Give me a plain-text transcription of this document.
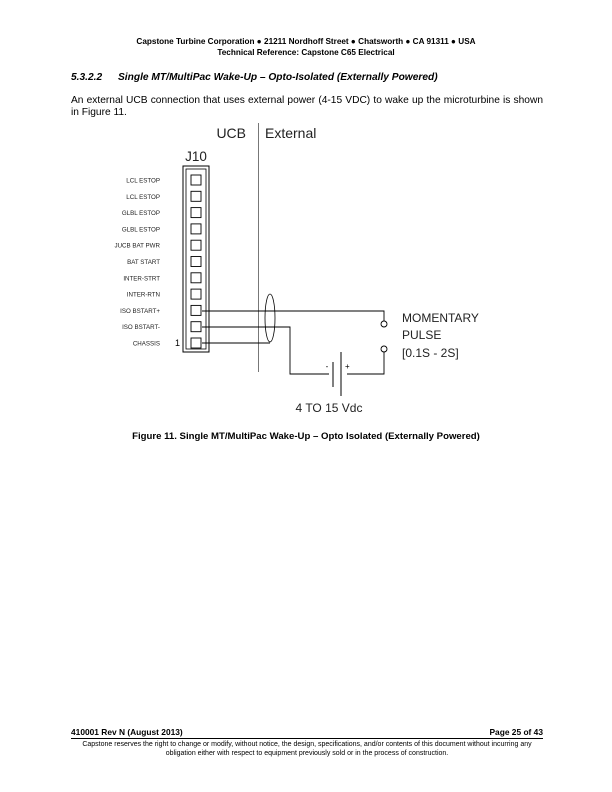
Capstone Turbine Corporation ● 21211 Nordhoff Street ● Chatsworth ● CA 91311 ● USA
Technical Reference: Capstone C65 Electrical
5.3.2.2 Single MT/MultiPac Wake-Up – Opto-Isolated (Externally Powered)
An external UCB connection that uses external power (4-15 VDC) to wake up the microturbine is shown in Figure 11.
UCB External
J10
LCL ESTOP
LCL ESTOP
GLBL ESTOP
GLBL ESTOP
JUCB BAT PWR
BAT START
INTER-STRT
INTER-RTN
ISO BSTART+
ISO BSTART-
CHASSIS 1
MOMENTARY
PULSE
[0.1S - 2S]
- +
4 TO 15 Vdc
Figure 11. Single MT/MultiPac Wake-Up – Opto Isolated (Externally Powered)
410001 Rev N (August 2013)	Page 25 of 43
Capstone reserves the right to change or modify, without notice, the design, specifications, and/or contents of this document without incurring any obligation either with respect to equipment previously sold or in the process of construction.
